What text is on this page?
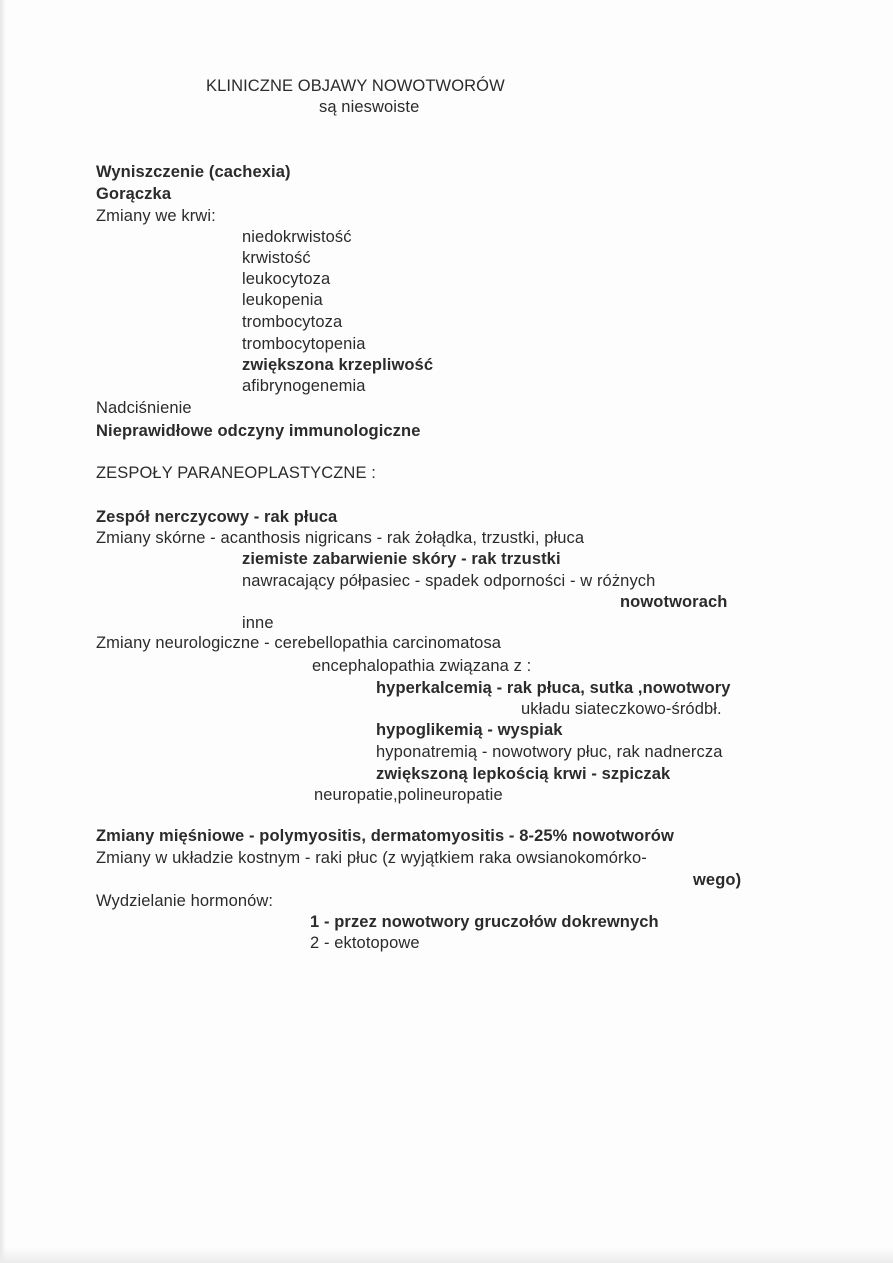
KLINICZNE OBJAWY NOWOTWORÓW
są nieswoiste
Wyniszczenie (cachexia)
Gorączka
Zmiany we krwi:
niedokrwistość
krwistość
leukocytoza
leukopenia
trombocytoza
trombocytopenia
zwiększona krzepliwość
afibrynogenemia
Nadciśnienie
Nieprawidłowe odczyny immunologiczne
ZESPOŁY PARANEOPLASTYCZNE :
Zespół nerczycowy - rak płuca
Zmiany skórne - acanthosis nigricans - rak żołądka, trzustki, płuca
ziemiste zabarwienie skóry - rak trzustki
nawracający półpasiec - spadek odporności - w różnych
nowotworach
inne
Zmiany neurologiczne - cerebellopathia carcinomatosa
encephalopathia związana z :
hyperkalcemią - rak płuca, sutka ,nowotwory
układu siateczkowo-śródbł.
hypoglikemią - wyspiak
hyponatremią - nowotwory płuc, rak nadnercza
zwiększoną lepkością krwi - szpiczak
neuropatie,polineuropatie
Zmiany mięśniowe - polymyositis, dermatomyositis - 8-25% nowotworów
Zmiany w układzie kostnym - raki płuc (z wyjątkiem raka owsianokomórko-
wego)
Wydzielanie hormonów:
1 - przez nowotwory gruczołów dokrewnych
2 - ektotopowe
